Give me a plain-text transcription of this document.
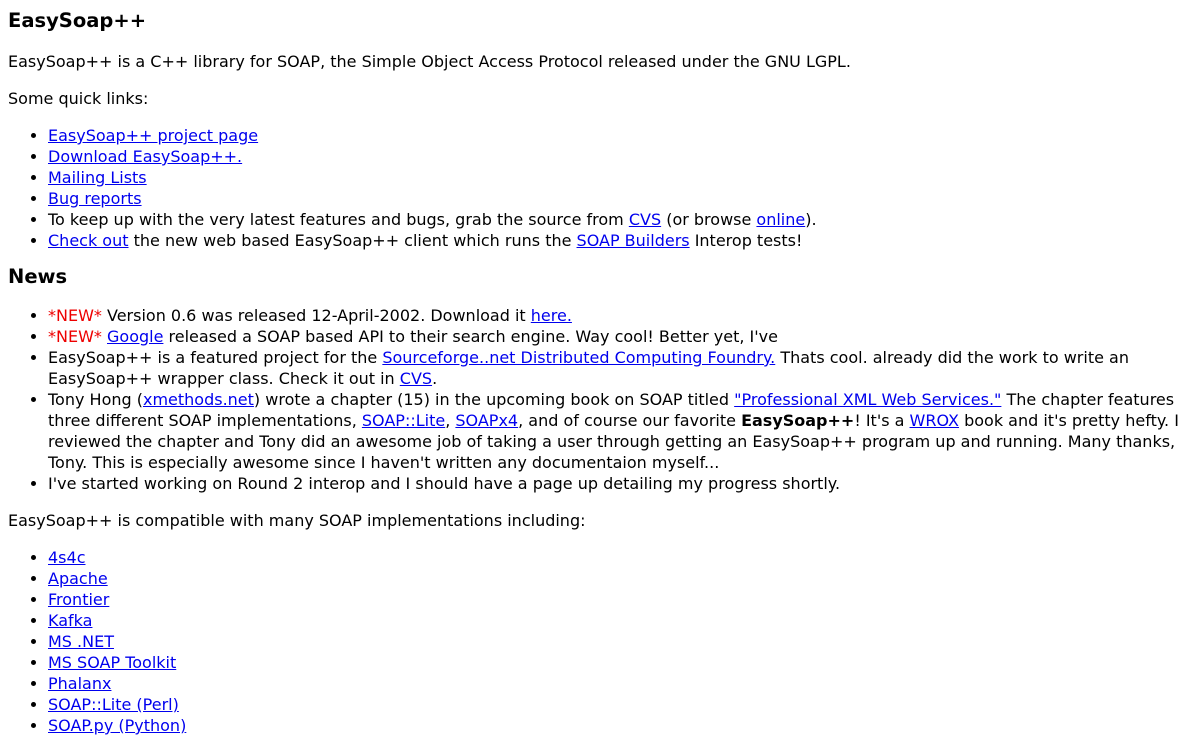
EasySoap++

EasySoap++ is a C++ library for SOAP, the Simple Object Access Protocol released under the GNU LGPL.

Some quick links:

• EasySoap++ project page
• Download EasySoap++.
• Mailing Lists
• Bug reports
• To keep up with the very latest features and bugs, grab the source from CVS (or browse online).
• Check out the new web based EasySoap++ client which runs the SOAP Builders Interop tests!
News
• *NEW* Version 0.6 was released 12-April-2002. Download it here.
• *NEW* Google released a SOAP based API to their search engine. Way cool! Better yet, I've
• EasySoap++ is a featured project for the Sourceforge..net Distributed Computing Foundry. Thats cool. already did the work to write an EasySoap++ wrapper class. Check it out in CVS.
• Tony Hong (xmethods.net) wrote a chapter (15) in the upcoming book on SOAP titled "Professional XML Web Services." The chapter features three different SOAP implementations, SOAP::Lite, SOAPx4, and of course our favorite EasySoap++! It's a WROX book and it's pretty hefty. I reviewed the chapter and Tony did an awesome job of taking a user through getting an EasySoap++ program up and running. Many thanks, Tony. This is especially awesome since I haven't written any documentaion myself...
• I've started working on Round 2 interop and I should have a page up detailing my progress shortly.

EasySoap++ is compatible with many SOAP implementations including:

• 4s4c
• Apache
• Frontier
• Kafka
• MS .NET
• MS SOAP Toolkit
• Phalanx
• SOAP::Lite (Perl)
• SOAP.py (Python)
